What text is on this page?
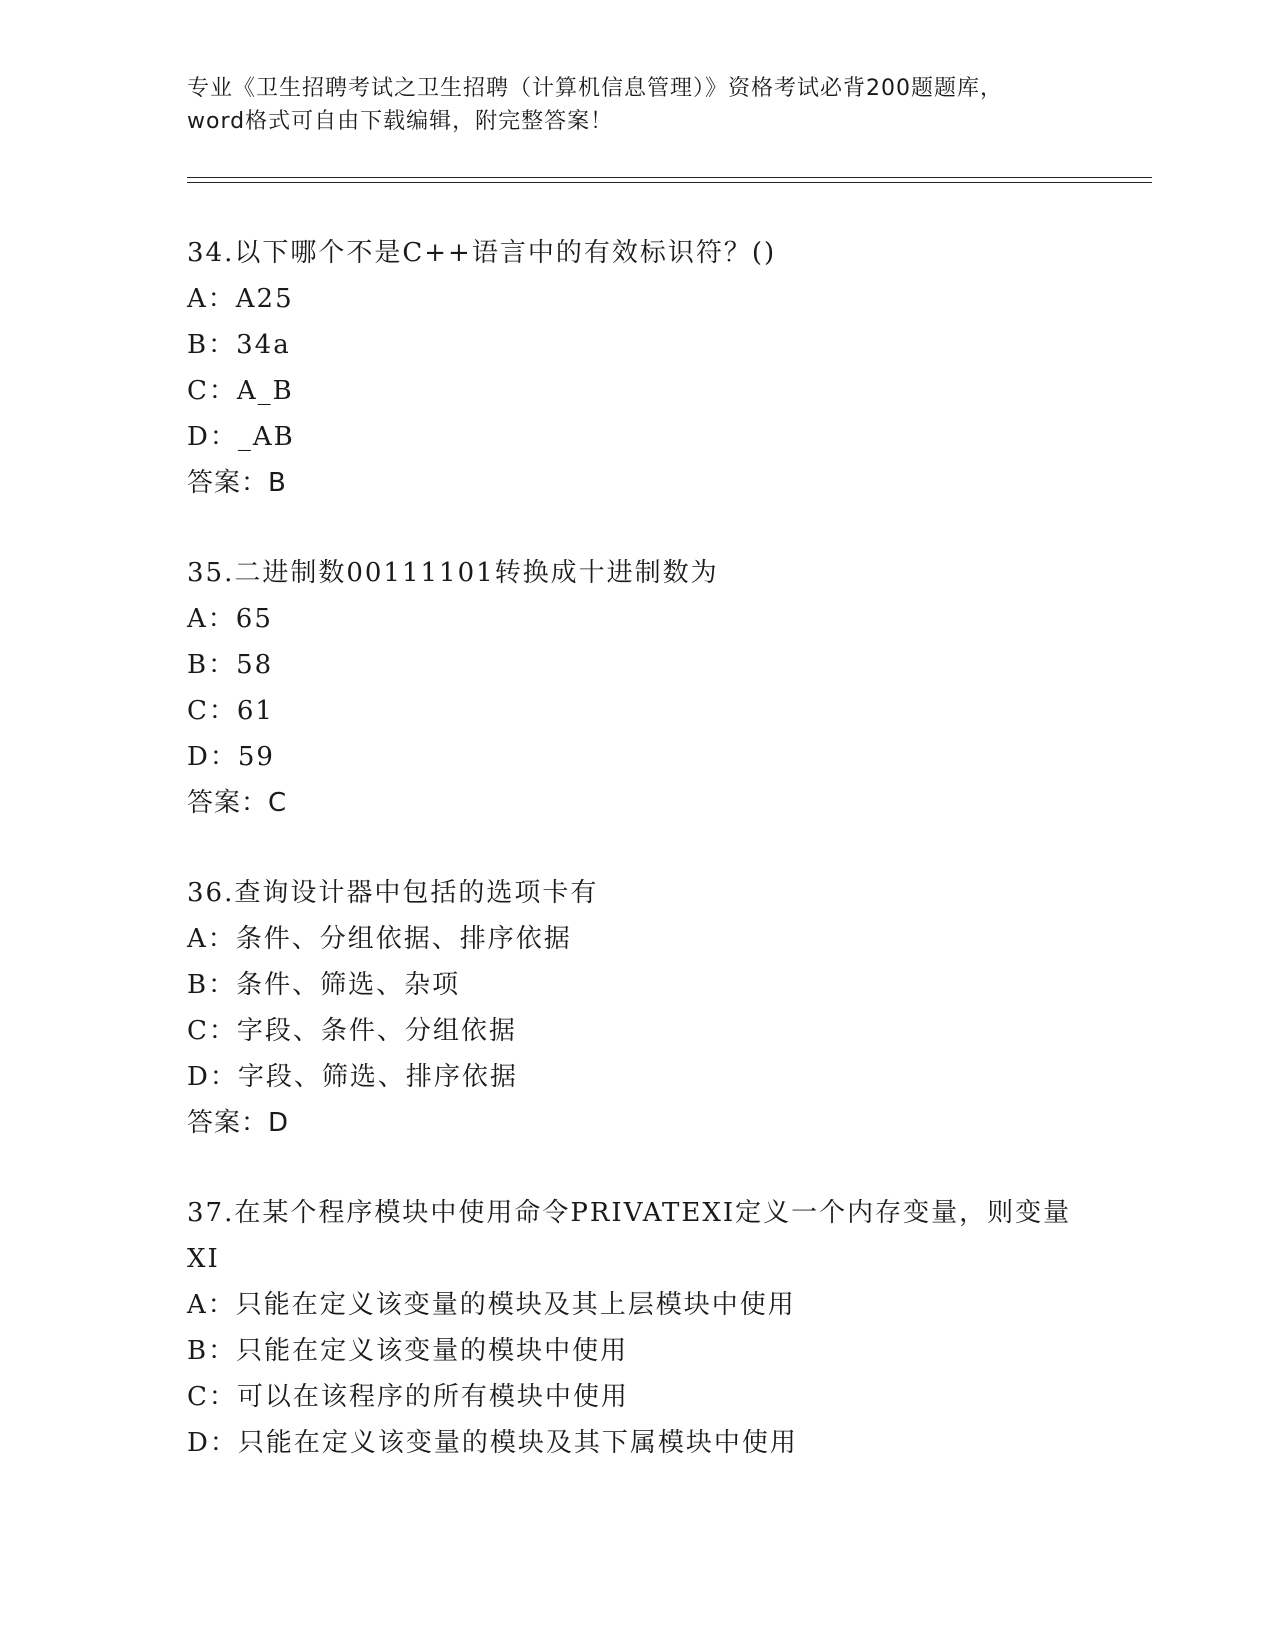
专业《卫生招聘考试之卫生招聘（计算机信息管理）》资格考试必背200题题库，
word格式可自由下载编辑，附完整答案！
34.以下哪个不是C++语言中的有效标识符？()
A：A25
B：34a
C：A_B
D：_AB
答案：B
35.二进制数00111101转换成十进制数为
A：65
B：58
C：61
D：59
答案：C
36.查询设计器中包括的选项卡有
A：条件、分组依据、排序依据
B：条件、筛选、杂项
C：字段、条件、分组依据
D：字段、筛选、排序依据
答案：D
37.在某个程序模块中使用命令PRIVATEXI定义一个内存变量，则变量
XI
A：只能在定义该变量的模块及其上层模块中使用
B：只能在定义该变量的模块中使用
C：可以在该程序的所有模块中使用
D：只能在定义该变量的模块及其下属模块中使用
